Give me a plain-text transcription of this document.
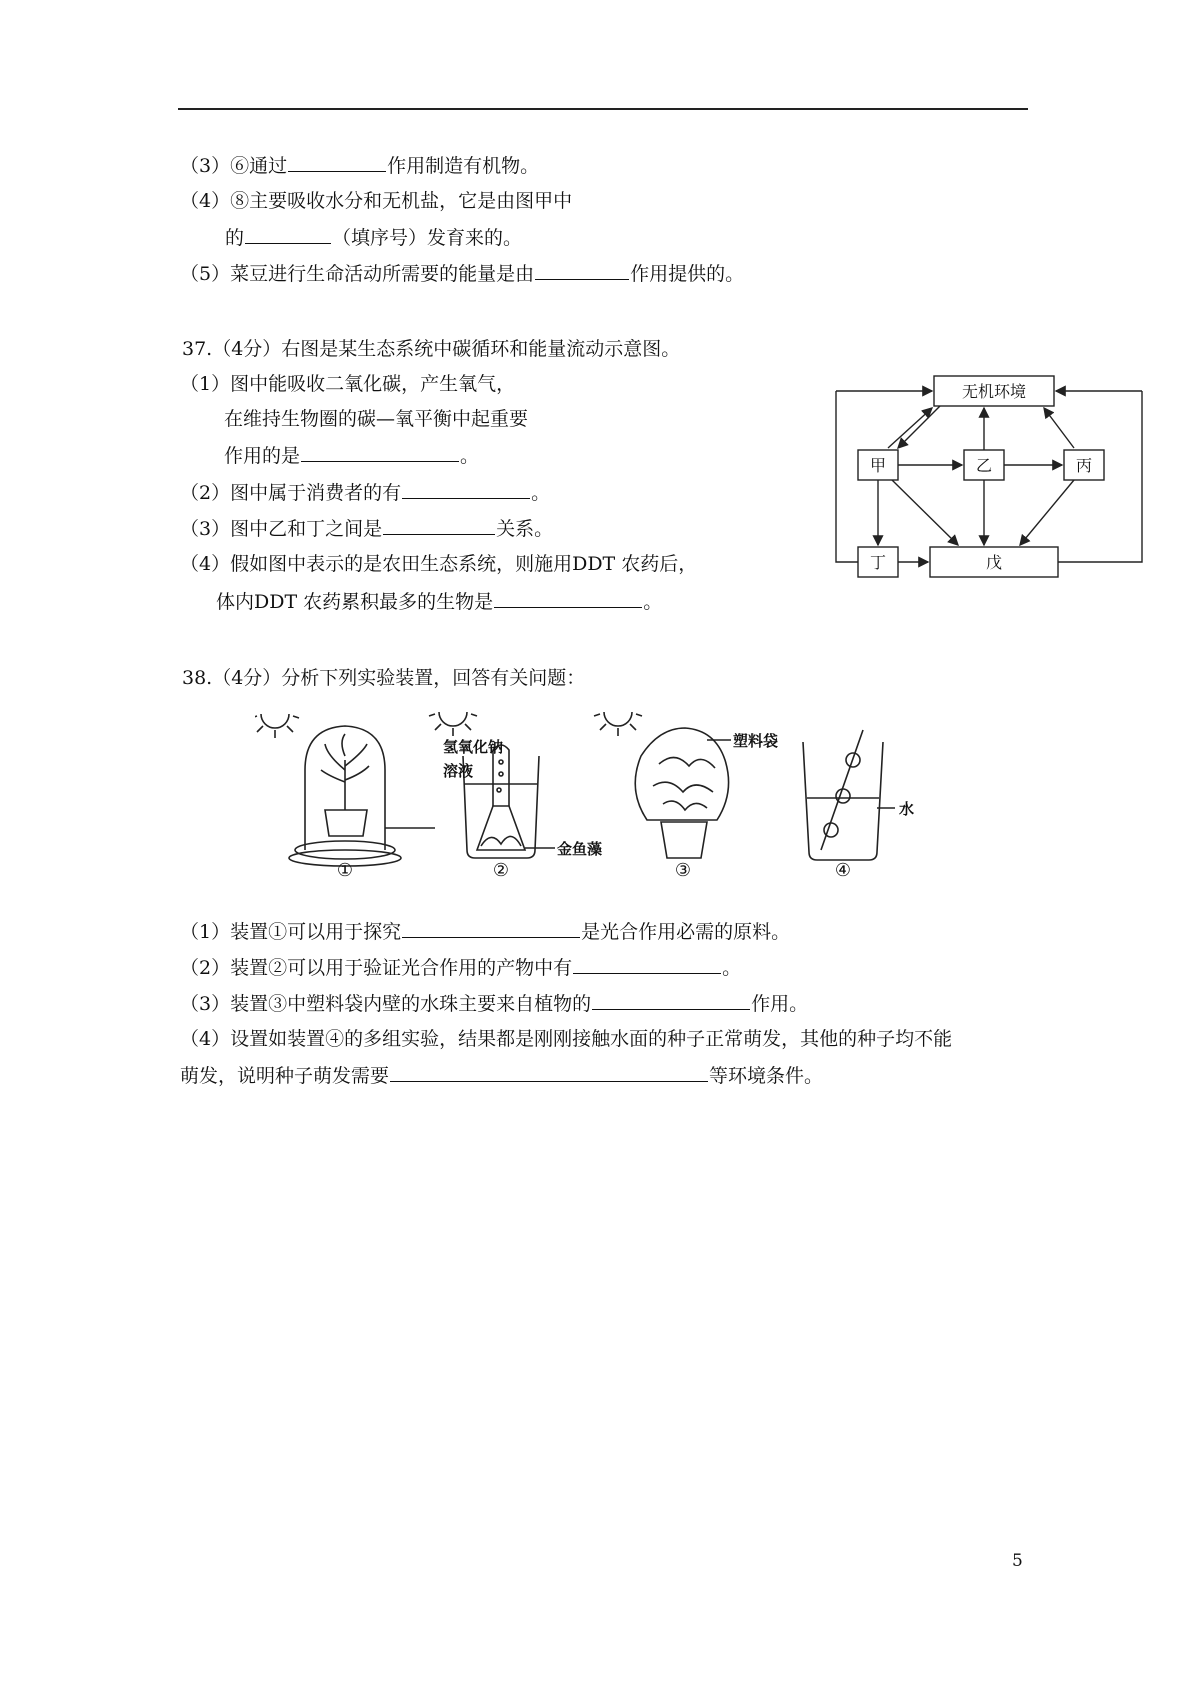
（3）⑥通过	作用制造有机物。
（4）⑧主要吸收水分和无机盐，它是由图甲中
的	（填序号）发育来的。
（5）菜豆进行生命活动所需要的能量是由	作用提供的。
37.（4分）右图是某生态系统中碳循环和能量流动示意图。
（1）图中能吸收二氧化碳，产生氧气，
在维持生物圈的碳—氧平衡中起重要
作用的是	。
（2）图中属于消费者的有	。
（3）图中乙和丁之间是	关系。
（4）假如图中表示的是农田生态系统，则施用DDT 农药后，
体内DDT 农药累积最多的生物是	。
无机环境
甲	乙	丙
丁	戊
38.（4分）分析下列实验装置，回答有关问题：
氢氧化钠
溶液
金鱼藻
塑料袋
水
①	②	③	④
（1）装置①可以用于探究	是光合作用必需的原料。
（2）装置②可以用于验证光合作用的产物中有	。
（3）装置③中塑料袋内壁的水珠主要来自植物的	作用。
（4）设置如装置④的多组实验，结果都是刚刚接触水面的种子正常萌发，其他的种子均不能
萌发，说明种子萌发需要	等环境条件。
5
